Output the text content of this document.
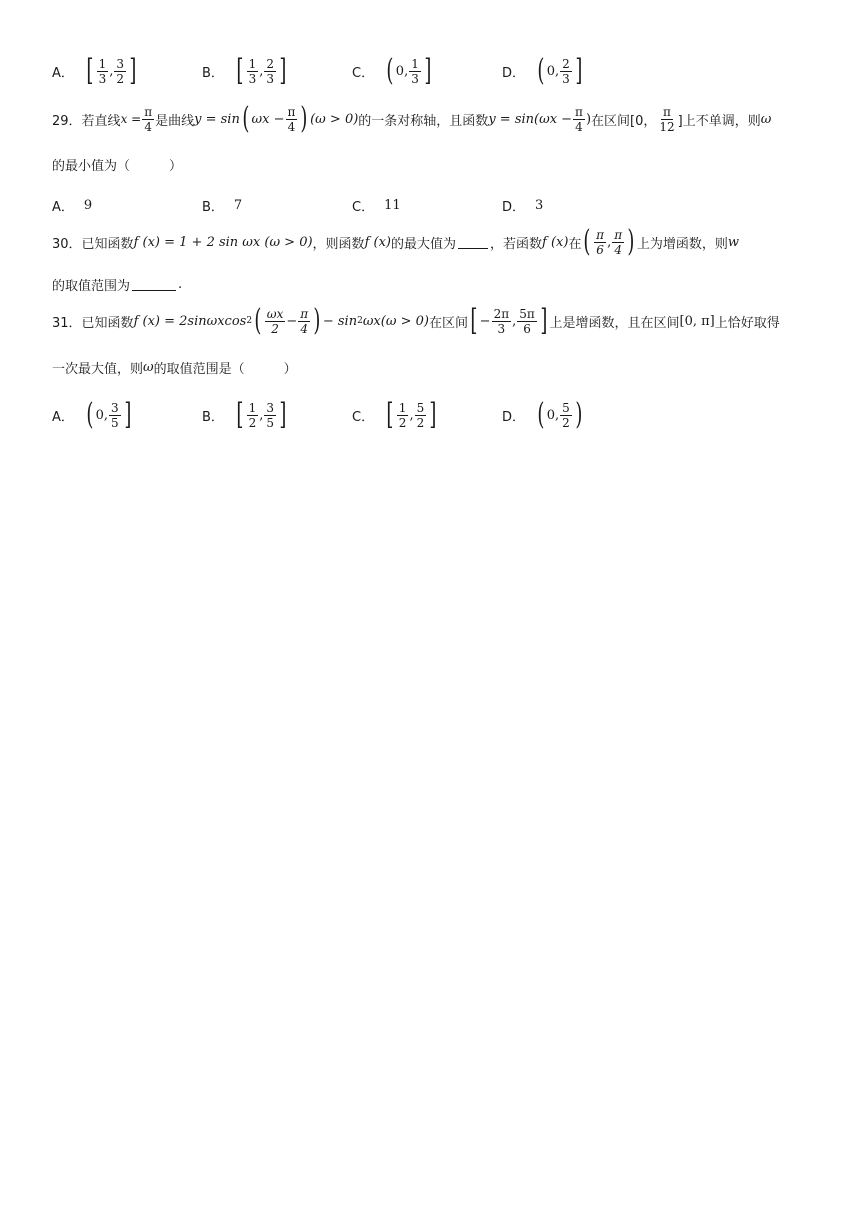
A． [ $\frac{1}{3}$ , $\frac{3}{2}$ ]	B． [ $\frac{1}{3}$ , $\frac{2}{3}$ ]	C． ( 0, $\frac{1}{3}$ ]	D． ( 0, $\frac{2}{3}$ ]
29． 若直线 $x = \frac{\pi}{4}$ 是曲线 y = sin ( $\omega x - \frac{\pi}{4}$ ) (ω > 0) 的一条对称轴，且函数 $y = \sin(\omega x - \frac{\pi}{4}$ ) 在区间[0， $\frac{\pi}{12}$ ]上不单调，则 ω
的最小值为（　　　）
A． 9	B． 7	C． 11	D． 3
30． 已知函数 f (x) = 1 + 2 sin ωx (ω > 0) ，则函数 f (x) 的最大值为	，若函数 f (x) 在 ( $\frac{\pi}{6}$ , $\frac{\pi}{4}$ ) 上为增函数，则 w
的取值范围为	.
31． 已知函数 f (x) = 2sinωxcos 2 ( $\frac{\omega x}{2} - \frac{\pi}{4}$ ) − sin 2 ωx(ω > 0) 在区间 [ − $\frac{2\pi}{3}$ , $\frac{5\pi}{6}$ ] 上是增函数，且在区间 [0, π] 上恰好取得
一次最大值，则 ω 的取值范围是（　　　）
A． ( 0, $\frac{3}{5}$ ]	B． [ $\frac{1}{2}$ , $\frac{3}{5}$ ]	C． [ $\frac{1}{2}$ , $\frac{5}{2}$ ]	D． ( 0, $\frac{5}{2}$ )
